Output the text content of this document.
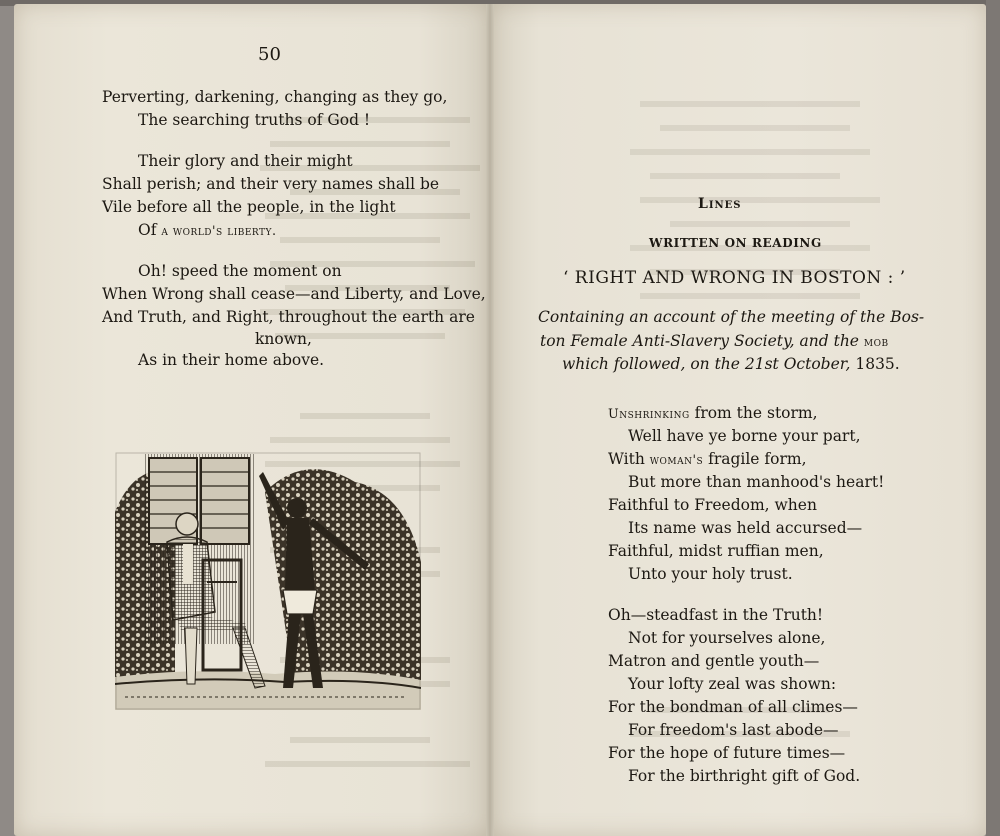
50
Perverting, darkening, changing as they go,
The searching truths of God !
Their glory and their might
Shall perish; and their very names shall be
Vile before all the people, in the light
Of a world's liberty.
Oh! speed the moment on
When Wrong shall cease—and Liberty, and Love,
And Truth, and Right, throughout the earth are
known,
As in their home above.
Lines
WRITTEN ON READING
‘ RIGHT AND WRONG IN BOSTON : ’
Containing an account of the meeting of the Bos-
ton Female Anti-Slavery Society, and the mob
which followed, on the 21st October, 1835.
Unshrinking from the storm,
Well have ye borne your part,
With woman's fragile form,
But more than manhood's heart!
Faithful to Freedom, when
Its name was held accursed—
Faithful, midst ruffian men,
Unto your holy trust.
Oh—steadfast in the Truth!
Not for yourselves alone,
Matron and gentle youth—
Your lofty zeal was shown:
For the bondman of all climes—
For freedom's last abode—
For the hope of future times—
For the birthright gift of God.
